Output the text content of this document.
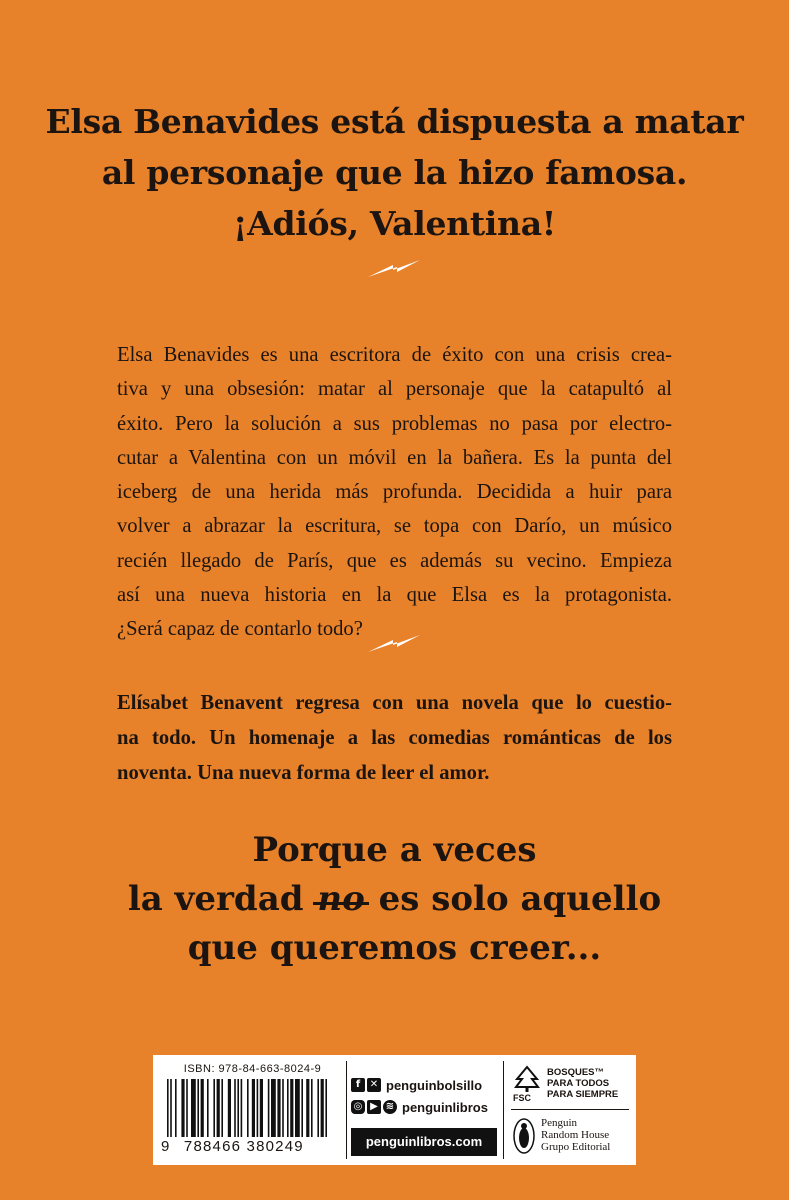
Elsa Benavides está dispuesta a matar
al personaje que la hizo famosa.
¡Adiós, Valentina!
Elsa Benavides es una escritora de éxito con una crisis crea-
tiva y una obsesión: matar al personaje que la catapultó al
éxito. Pero la solución a sus problemas no pasa por electro-
cutar a Valentina con un móvil en la bañera. Es la punta del
iceberg de una herida más profunda. Decidida a huir para
volver a abrazar la escritura, se topa con Darío, un músico
recién llegado de París, que es además su vecino. Empieza
así una nueva historia en la que Elsa es la protagonista.
¿Será capaz de contarlo todo?
Elísabet Benavent regresa con una novela que lo cuestio-
na todo. Un homenaje a las comedias románticas de los
noventa. Una nueva forma de leer el amor.
Porque a veces
la verdad no es solo aquello
que queremos creer...
ISBN: 978-84-663-8024-9
9 788466 380249
f ✕ penguinbolsillo
◎ ▶ ≋ penguinlibros
penguinlibros.com
FSC
BOSQUES™
PARA TODOS
PARA SIEMPRE
Penguin
Random House
Grupo Editorial
